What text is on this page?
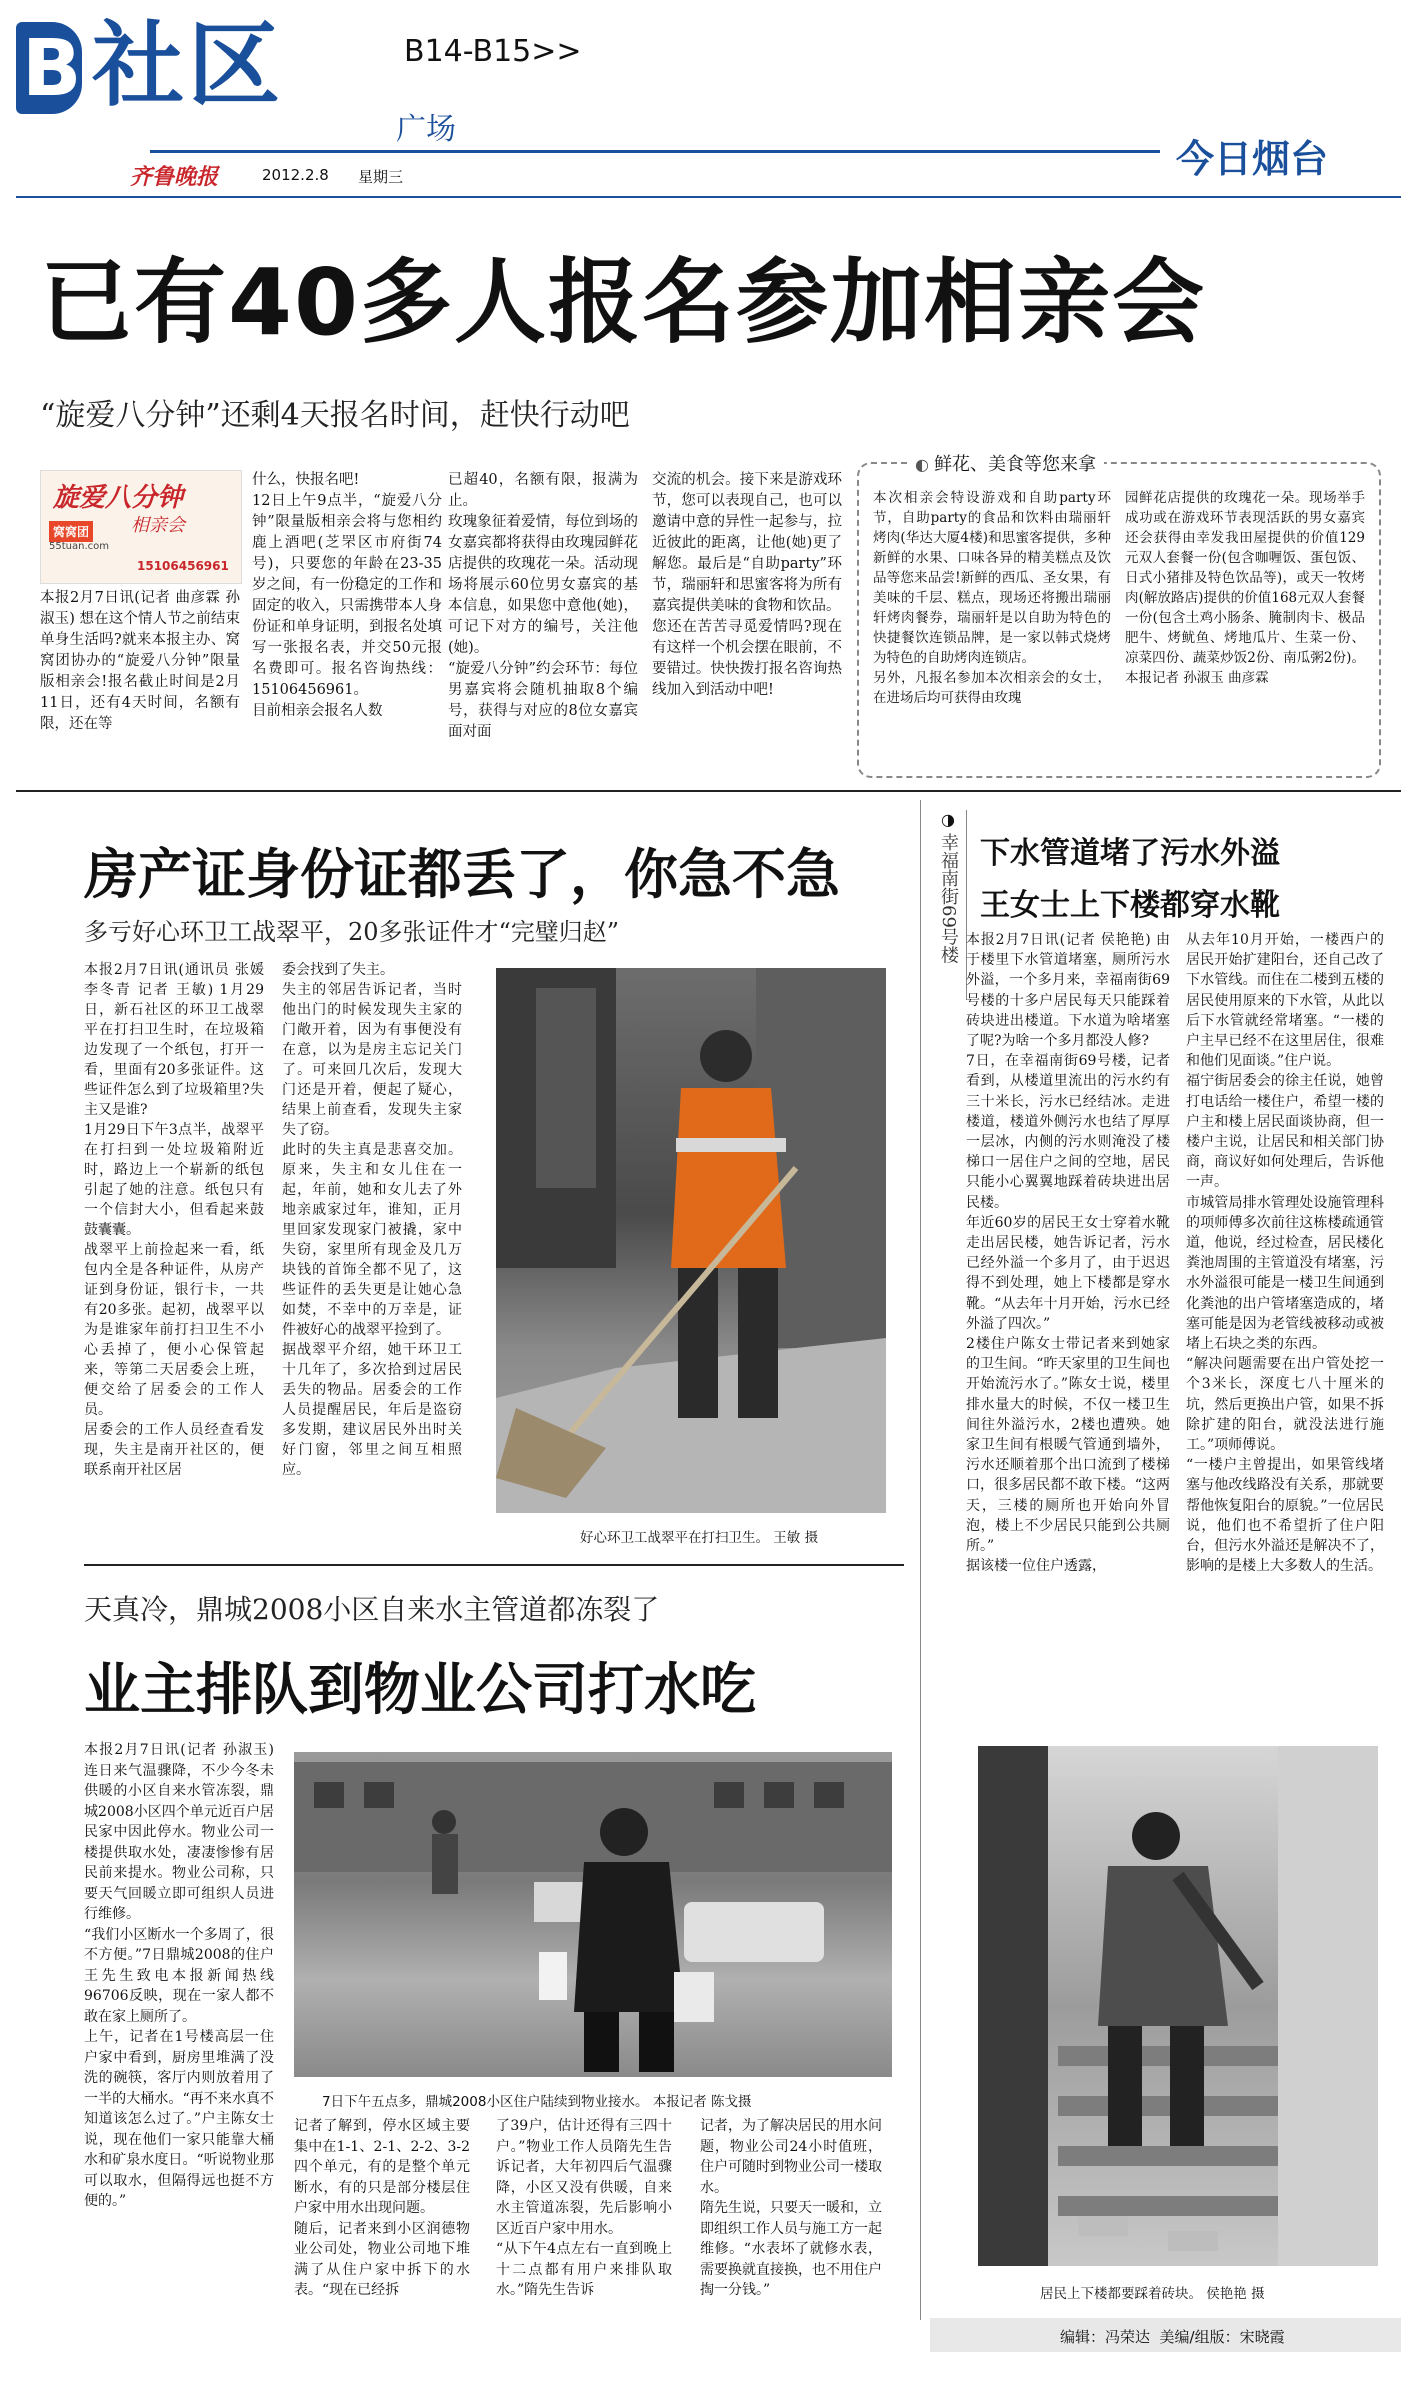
B 社区	B14-B15>>
广场
齐鲁晚报	2012.2.8 星期三	今日烟台
已有40多人报名参加相亲会
“旋爱八分钟”还剩4天报名时间，赶快行动吧
旋爱八分钟
相亲会
窝窝团
55tuan.com
15106456961
本报2月7日讯(记者 曲彦霖 孙淑玉) 想在这个情人节之前结束单身生活吗?就来本报主办、窝窝团协办的“旋爱八分钟”限量版相亲会!报名截止时间是2月11日，还有4天时间，名额有限，还在等
什么，快报名吧!
12日上午9点半，“旋爱八分钟”限量版相亲会将与您相约鹿上酒吧(芝罘区市府街74号)，只要您的年龄在23-35岁之间，有一份稳定的工作和固定的收入，只需携带本人身份证和单身证明，到报名处填写一张报名表，并交50元报名费即可。报名咨询热线：15106456961。
目前相亲会报名人数
已超40，名额有限，报满为止。
玫瑰象征着爱情，每位到场的女嘉宾都将获得由玫瑰园鲜花店提供的玫瑰花一朵。活动现场将展示60位男女嘉宾的基本信息，如果您中意他(她)，可记下对方的编号，关注他(她)。
“旋爱八分钟”约会环节：每位男嘉宾将会随机抽取8个编号，获得与对应的8位女嘉宾面对面
交流的机会。接下来是游戏环节，您可以表现自己，也可以邀请中意的异性一起参与，拉近彼此的距离，让他(她)更了解您。最后是“自助party”环节，瑞丽轩和思蜜客将为所有嘉宾提供美味的食物和饮品。
您还在苦苦寻觅爱情吗?现在有这样一个机会摆在眼前，不要错过。快快拨打报名咨询热线加入到活动中吧!
◐ 鲜花、美食等您来拿
本次相亲会特设游戏和自助party环节，自助party的食品和饮料由瑞丽轩烤肉(华达大厦4楼)和思蜜客提供，多种新鲜的水果、口味各异的精美糕点及饮品等您来品尝!新鲜的西瓜、圣女果，有美味的千层、糕点，现场还将搬出瑞丽轩烤肉餐券，瑞丽轩是以自助为特色的快捷餐饮连锁品牌，是一家以韩式烧烤为特色的自助烤肉连锁店。
另外，凡报名参加本次相亲会的女士，在进场后均可获得由玫瑰
园鲜花店提供的玫瑰花一朵。现场举手成功或在游戏环节表现活跃的男女嘉宾还会获得由幸发我田屋提供的价值129元双人套餐一份(包含咖喱饭、蛋包饭、日式小猪排及特色饮品等)，或天一牧烤肉(解放路店)提供的价值168元双人套餐一份(包含土鸡小肠条、腌制肉卡、极品肥牛、烤鱿鱼、烤地瓜片、生菜一份、凉菜四份、蔬菜炒饭2份、南瓜粥2份)。 本报记者 孙淑玉 曲彦霖
房产证身份证都丢了，你急不急
多亏好心环卫工战翠平，20多张证件才“完璧归赵”
本报2月7日讯(通讯员 张媛 李冬青 记者 王敏) 1月29日，新石社区的环卫工战翠平在打扫卫生时，在垃圾箱边发现了一个纸包，打开一看，里面有20多张证件。这些证件怎么到了垃圾箱里?失主又是谁?
1月29日下午3点半，战翠平在打扫到一处垃圾箱附近时，路边上一个崭新的纸包引起了她的注意。纸包只有一个信封大小，但看起来鼓鼓囊囊。
战翠平上前捡起来一看，纸包内全是各种证件，从房产证到身份证，银行卡，一共有20多张。起初，战翠平以为是谁家年前打扫卫生不小心丢掉了，便小心保管起来，等第二天居委会上班，便交给了居委会的工作人员。
居委会的工作人员经查看发现，失主是南开社区的，便联系南开社区居
委会找到了失主。
失主的邻居告诉记者，当时他出门的时候发现失主家的门敞开着，因为有事便没有在意，以为是房主忘记关门了。可来回几次后，发现大门还是开着，便起了疑心，结果上前查看，发现失主家失了窃。
此时的失主真是悲喜交加。原来，失主和女儿住在一起，年前，她和女儿去了外地亲戚家过年，谁知，正月里回家发现家门被撬，家中失窃，家里所有现金及几万块钱的首饰全都不见了，这些证件的丢失更是让她心急如焚，不幸中的万幸是，证件被好心的战翠平捡到了。
据战翠平介绍，她干环卫工十几年了，多次拾到过居民丢失的物品。居委会的工作人员提醒居民，年后是盗窃多发期，建议居民外出时关好门窗，邻里之间互相照应。
好心环卫工战翠平在打扫卫生。 王敏 摄
天真冷，鼎城2008小区自来水主管道都冻裂了
业主排队到物业公司打水吃
本报2月7日讯(记者 孙淑玉) 连日来气温骤降，不少今冬未供暖的小区自来水管冻裂，鼎城2008小区四个单元近百户居民家中因此停水。物业公司一楼提供取水处，凄凄惨惨有居民前来提水。物业公司称，只要天气回暖立即可组织人员进行维修。
“我们小区断水一个多周了，很不方便。”7日鼎城2008的住户王先生致电本报新闻热线96706反映，现在一家人都不敢在家上厕所了。
上午，记者在1号楼高层一住户家中看到，厨房里堆满了没洗的碗筷，客厅内则放着用了一半的大桶水。“再不来水真不知道该怎么过了。”户主陈女士说，现在他们一家只能靠大桶水和矿泉水度日。“听说物业那可以取水，但隔得远也挺不方便的。”
7日下午五点多，鼎城2008小区住户陆续到物业接水。 本报记者 陈戈摄
记者了解到，停水区域主要集中在1-1、2-1、2-2、3-2四个单元，有的是整个单元断水，有的只是部分楼层住户家中用水出现问题。
随后，记者来到小区润德物业公司处，物业公司地下堆满了从住户家中拆下的水表。“现在已经拆
了39户，估计还得有三四十户。”物业工作人员隋先生告诉记者，大年初四后气温骤降，小区又没有供暖，自来水主管道冻裂，先后影响小区近百户家中用水。
“从下午4点左右一直到晚上十二点都有用户来排队取水。”隋先生告诉
记者，为了解决居民的用水问题，物业公司24小时值班，住户可随时到物业公司一楼取水。
隋先生说，只要天一暖和，立即组织工作人员与施工方一起维修。“水表坏了就修水表，需要换就直接换，也不用住户掏一分钱。”
◑
幸福南街69号楼 下水管道堵了污水外溢
王女士上下楼都穿水靴
本报2月7日讯(记者 侯艳艳) 由于楼里下水管道堵塞，厕所污水外溢，一个多月来，幸福南街69号楼的十多户居民每天只能踩着砖块进出楼道。下水道为啥堵塞了呢?为啥一个多月都没人修?
7日，在幸福南街69号楼，记者看到，从楼道里流出的污水约有三十米长，污水已经结冰。走进楼道，楼道外侧污水也结了厚厚一层冰，内侧的污水则淹没了楼梯口一居住户之间的空地，居民只能小心翼翼地踩着砖块进出居民楼。
年近60岁的居民王女士穿着水靴走出居民楼，她告诉记者，污水已经外溢一个多月了，由于迟迟得不到处理，她上下楼都是穿水靴。“从去年十月开始，污水已经外溢了四次。”
2楼住户陈女士带记者来到她家的卫生间。“昨天家里的卫生间也开始流污水了。”陈女士说，楼里排水量大的时候，不仅一楼卫生间往外溢污水，2楼也遭殃。她家卫生间有根暖气管通到墙外，污水还顺着那个出口流到了楼梯口，很多居民都不敢下楼。“这两天，三楼的厕所也开始向外冒泡，楼上不少居民只能到公共厕所。”
据该楼一位住户透露，
从去年10月开始，一楼西户的居民开始扩建阳台，还自己改了下水管线。而住在二楼到五楼的居民使用原来的下水管，从此以后下水管就经常堵塞。“一楼的户主早已经不在这里居住，很难和他们见面谈。”住户说。
福宁街居委会的徐主任说，她曾打电话给一楼住户，希望一楼的户主和楼上居民面谈协商，但一楼户主说，让居民和相关部门协商，商议好如何处理后，告诉他一声。
市城管局排水管理处设施管理科的项师傅多次前往这栋楼疏通管道，他说，经过检查，居民楼化粪池周围的主管道没有堵塞，污水外溢很可能是一楼卫生间通到化粪池的出户管堵塞造成的，堵塞可能是因为老管线被移动或被堵上石块之类的东西。
“解决问题需要在出户管处挖一个3米长，深度七八十厘米的坑，然后更换出户管，如果不拆除扩建的阳台，就没法进行施工。”项师傅说。
“一楼户主曾提出，如果管线堵塞与他改线路没有关系，那就要帮他恢复阳台的原貌。”一位居民说，他们也不希望折了住户阳台，但污水外溢还是解决不了，影响的是楼上大多数人的生活。
居民上下楼都要踩着砖块。 侯艳艳 摄
编辑：冯荣达  美编/组版：宋晓霞
